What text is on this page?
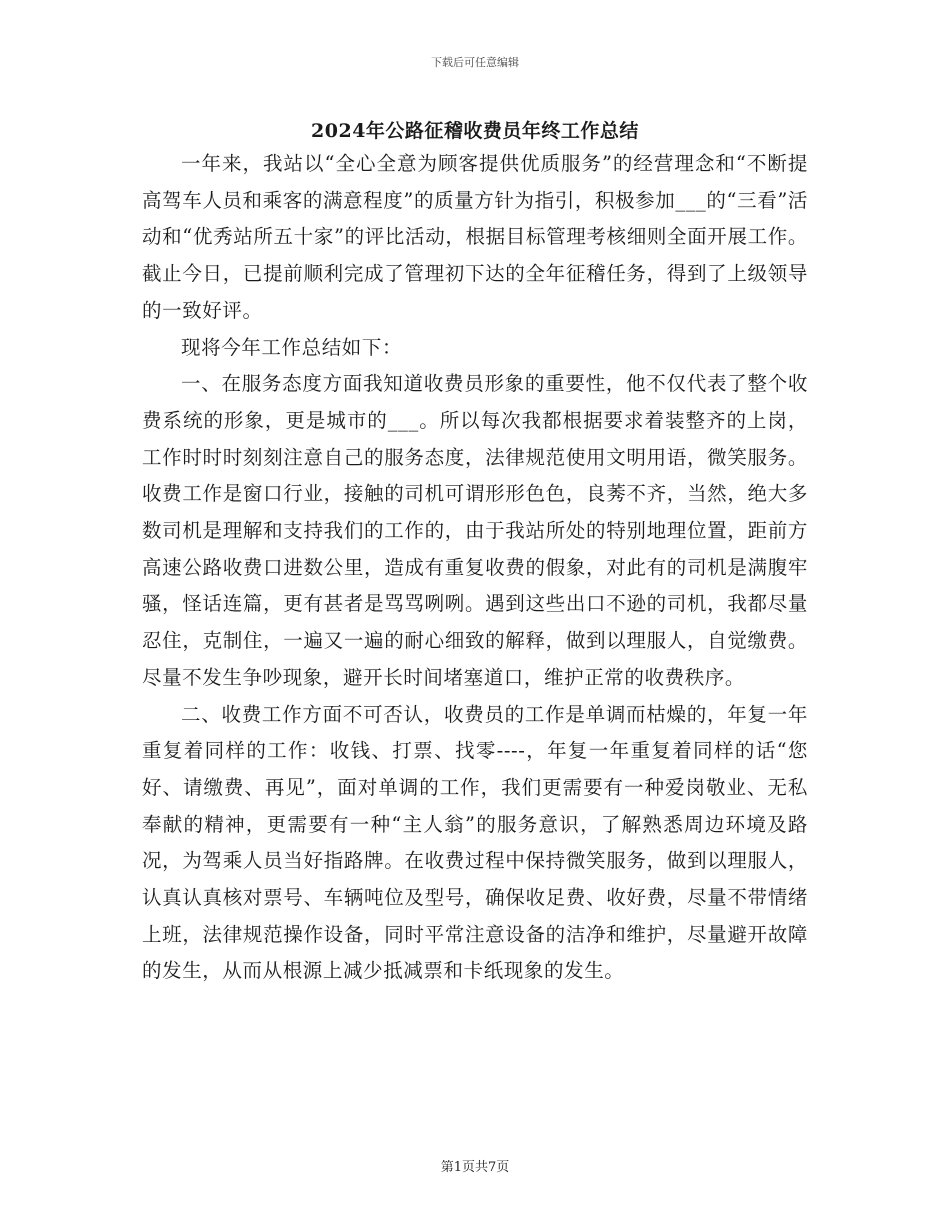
下载后可任意编辑
2024年公路征稽收费员年终工作总结

一年来，我站以“全心全意为顾客提供优质服务”的经营理念和“不断提高驾车人员和乘客的满意程度”的质量方针为指引，积极参加___的“三看”活动和“优秀站所五十家”的评比活动，根据目标管理考核细则全面开展工作。截止今日，已提前顺利完成了管理初下达的全年征稽任务，得到了上级领导的一致好评。

现将今年工作总结如下：

一、在服务态度方面我知道收费员形象的重要性，他不仅代表了整个收费系统的形象，更是城市的___。所以每次我都根据要求着装整齐的上岗，工作时时时刻刻注意自己的服务态度，法律规范使用文明用语，微笑服务。收费工作是窗口行业，接触的司机可谓形形色色，良莠不齐，当然，绝大多数司机是理解和支持我们的工作的，由于我站所处的特别地理位置，距前方高速公路收费口进数公里，造成有重复收费的假象，对此有的司机是满腹牢骚，怪话连篇，更有甚者是骂骂咧咧。遇到这些出口不逊的司机，我都尽量忍住，克制住，一遍又一遍的耐心细致的解释，做到以理服人，自觉缴费。尽量不发生争吵现象，避开长时间堵塞道口，维护正常的收费秩序。

二、收费工作方面不可否认，收费员的工作是单调而枯燥的，年复一年重复着同样的工作：收钱、打票、找零----，年复一年重复着同样的话“您好、请缴费、再见”，面对单调的工作，我们更需要有一种爱岗敬业、无私奉献的精神，更需要有一种“主人翁”的服务意识，了解熟悉周边环境及路况，为驾乘人员当好指路牌。在收费过程中保持微笑服务，做到以理服人，认真认真核对票号、车辆吨位及型号，确保收足费、收好费，尽量不带情绪上班，法律规范操作设备，同时平常注意设备的洁净和维护，尽量避开故障的发生，从而从根源上减少抵减票和卡纸现象的发生。

第1页共7页
